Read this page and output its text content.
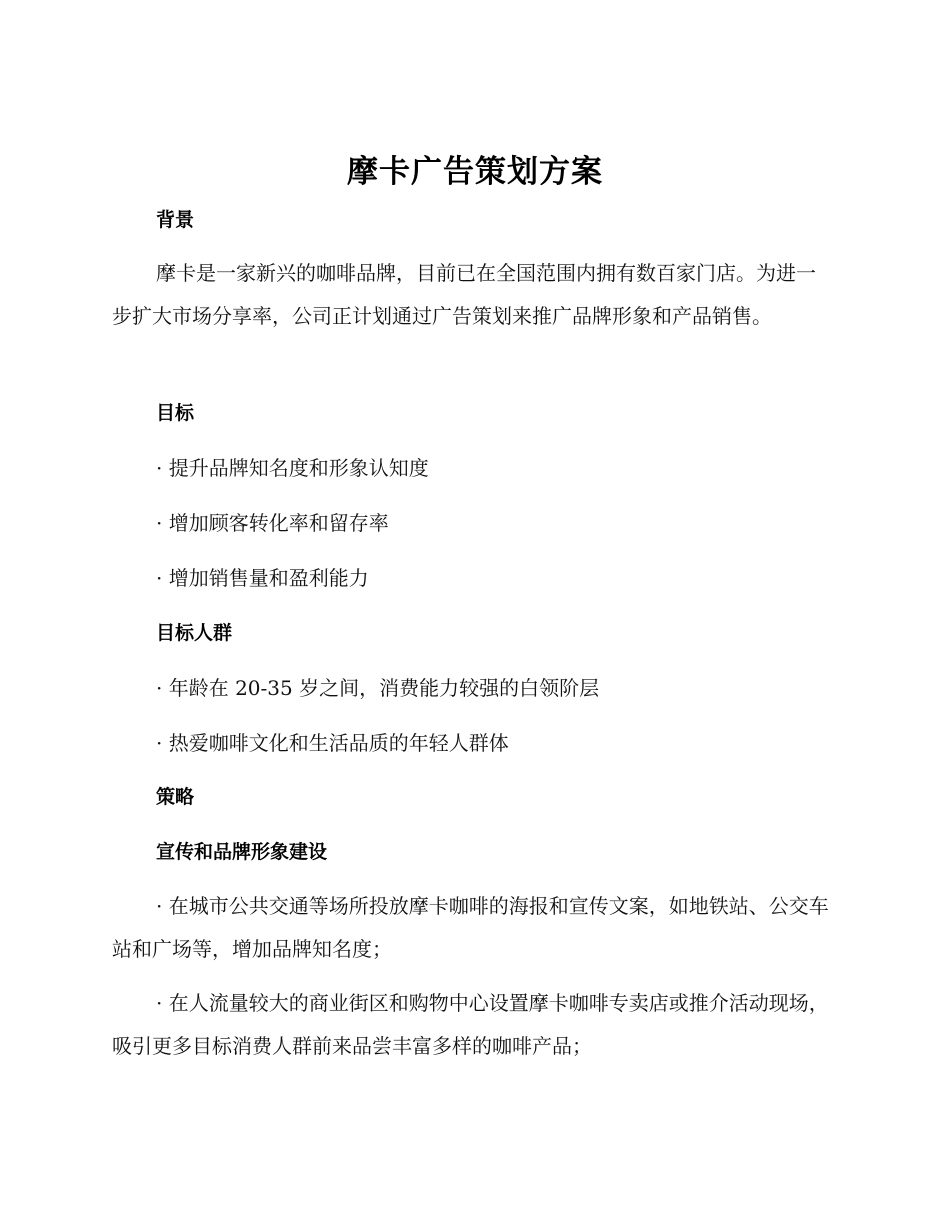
摩卡广告策划方案
背景
摩卡是一家新兴的咖啡品牌，目前已在全国范围内拥有数百家门店。为进一步扩大市场分享率，公司正计划通过广告策划来推广品牌形象和产品销售。
目标
· 提升品牌知名度和形象认知度
· 增加顾客转化率和留存率
· 增加销售量和盈利能力
目标人群
· 年龄在 20-35 岁之间，消费能力较强的白领阶层
· 热爱咖啡文化和生活品质的年轻人群体
策略
宣传和品牌形象建设
· 在城市公共交通等场所投放摩卡咖啡的海报和宣传文案，如地铁站、公交车站和广场等，增加品牌知名度；
· 在人流量较大的商业街区和购物中心设置摩卡咖啡专卖店或推介活动现场，吸引更多目标消费人群前来品尝丰富多样的咖啡产品；
